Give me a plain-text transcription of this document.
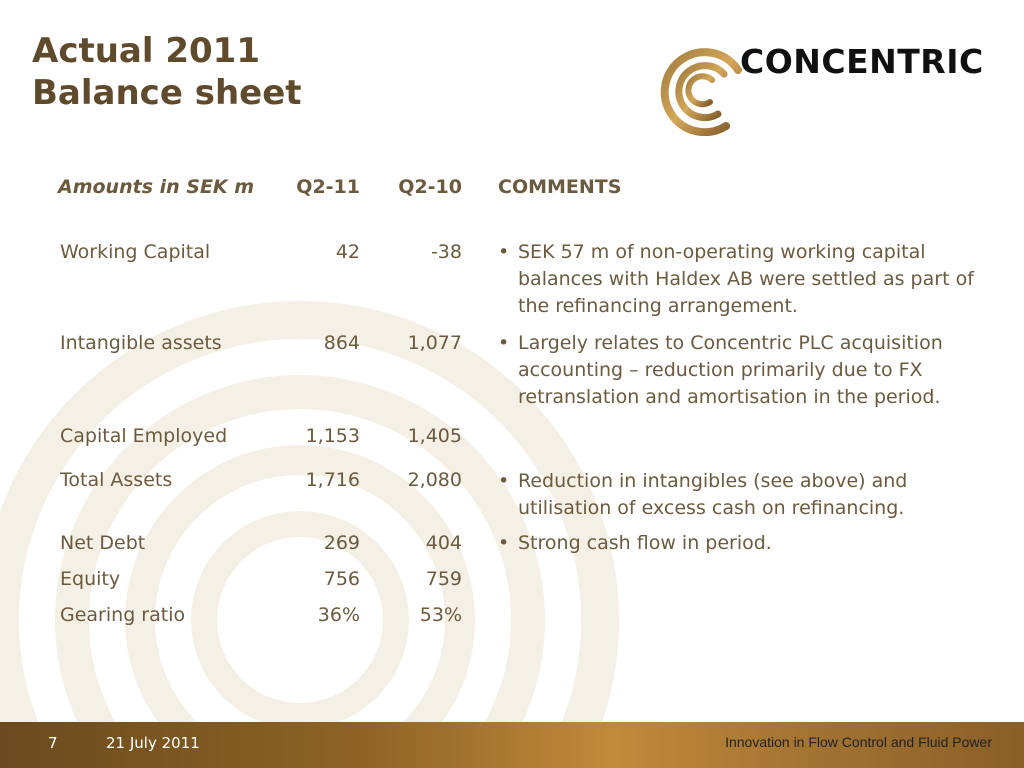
Actual 2011
Balance sheet
CONCENTRIC
Amounts in SEK m	Q2-11	Q2-10 COMMENTS
Working Capital	42	-38 • SEK 57 m of non-operating working capital balances with Haldex AB were settled as part of the refinancing arrangement.
Intangible assets	864	1,077 • Largely relates to Concentric PLC acquisition accounting – reduction primarily due to FX retranslation and amortisation in the period.
Capital Employed	1,153	1,405
Total Assets	1,716	2,080 • Reduction in intangibles (see above) and utilisation of excess cash on refinancing.
Net Debt	269	404 • Strong cash flow in period.
Equity	756	759
Gearing ratio	36%	53%
7	21 July 2011	Innovation in Flow Control and Fluid Power
